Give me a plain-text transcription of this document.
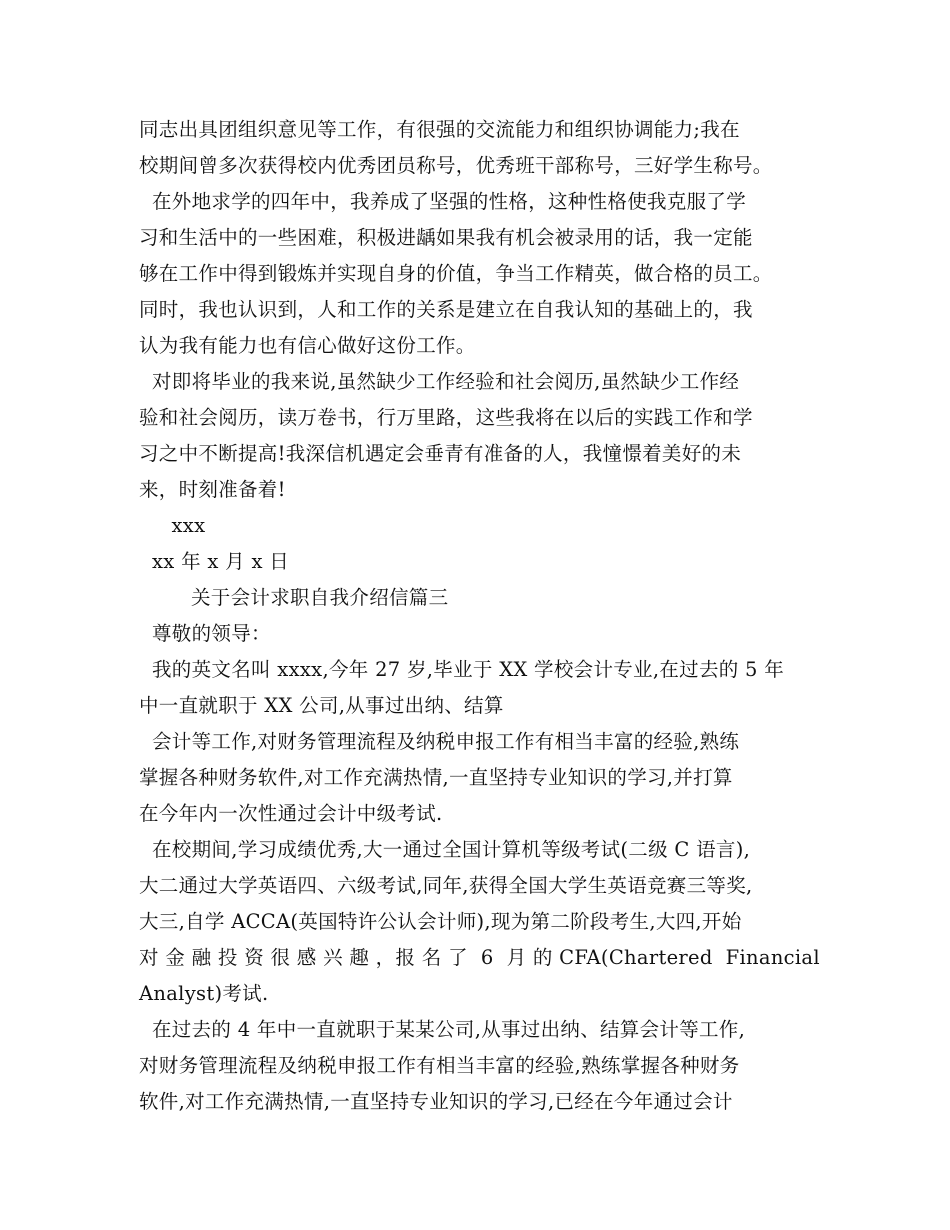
同志出具团组织意见等工作，有很强的交流能力和组织协调能力;我在
校期间曾多次获得校内优秀团员称号，优秀班干部称号，三好学生称号。
在外地求学的四年中，我养成了坚强的性格，这种性格使我克服了学
习和生活中的一些困难，积极进龋如果我有机会被录用的话，我一定能
够在工作中得到锻炼并实现自身的价值，争当工作精英，做合格的员工。
同时，我也认识到，人和工作的关系是建立在自我认知的基础上的，我
认为我有能力也有信心做好这份工作。
对即将毕业的我来说,虽然缺少工作经验和社会阅历,虽然缺少工作经
验和社会阅历，读万卷书，行万里路，这些我将在以后的实践工作和学
习之中不断提高!我深信机遇定会垂青有准备的人，我憧憬着美好的未
来，时刻准备着!
xxx
xx 年 x 月 x 日
关于会计求职自我介绍信篇三
尊敬的领导：
我的英文名叫 xxxx,今年 27 岁,毕业于 XX 学校会计专业,在过去的 5 年
中一直就职于 XX 公司,从事过出纳、结算
会计等工作,对财务管理流程及纳税申报工作有相当丰富的经验,熟练
掌握各种财务软件,对工作充满热情,一直坚持专业知识的学习,并打算
在今年内一次性通过会计中级考试.
在校期间,学习成绩优秀,大一通过全国计算机等级考试(二级 C 语言),
大二通过大学英语四、六级考试,同年,获得全国大学生英语竞赛三等奖,
大三,自学 ACCA(英国特许公认会计师),现为第二阶段考生,大四,开始
对 金 融 投 资 很 感 兴 趣 ，报 名 了  6  月 的 CFA(Chartered  Financial
Analyst)考试.
在过去的 4 年中一直就职于某某公司,从事过出纳、结算会计等工作,
对财务管理流程及纳税申报工作有相当丰富的经验,熟练掌握各种财务
软件,对工作充满热情,一直坚持专业知识的学习,已经在今年通过会计
